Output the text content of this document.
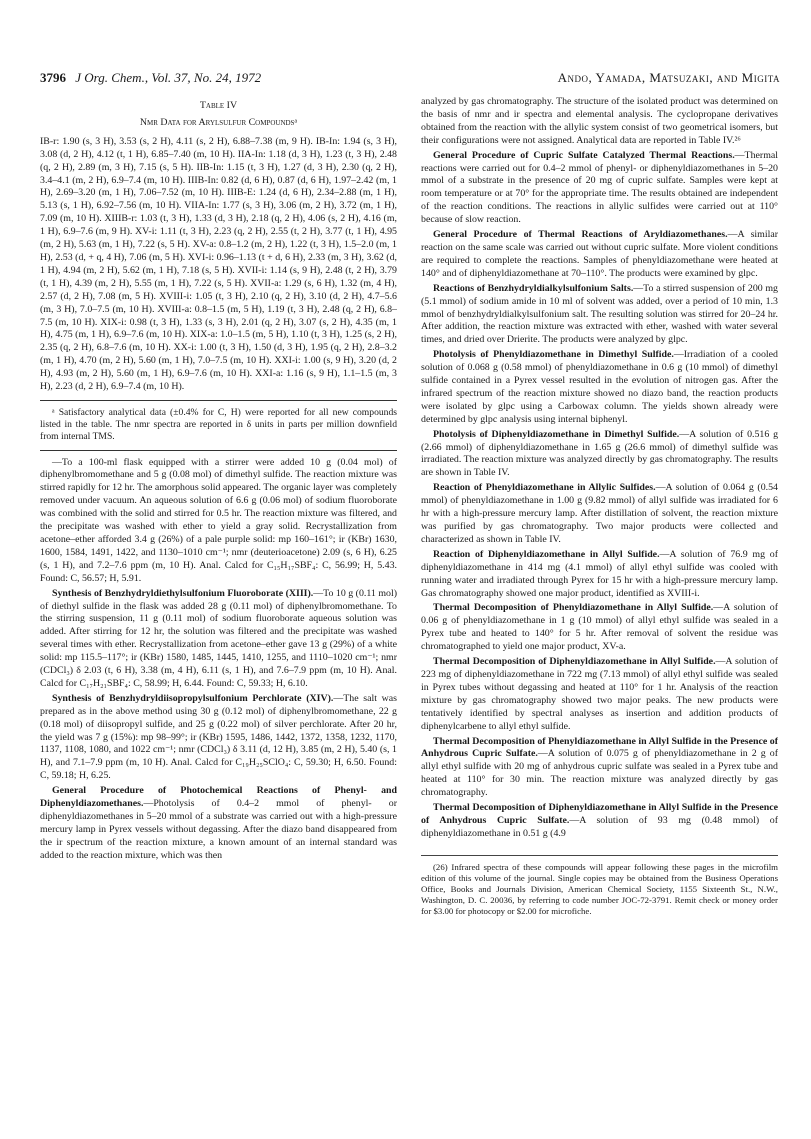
3796 J Org. Chem., Vol. 37, No. 24, 1972	Ando, Yamada, Matsuzaki, and Migita
Table IV
Nmr Data for Arylsulfur Compoundsᵃ

IB-r: 1.90 (s, 3 H), 3.53 (s, 2 H), 4.11 (s, 2 H), 6.88–7.38 (m, 9 H). IB-In: 1.94 (s, 3 H), 3.08 (d, 2 H), 4.12 (t, 1 H), 6.85–7.40 (m, 10 H). IIA-In: 1.18 (d, 3 H), 1.23 (t, 3 H), 2.48 (q, 2 H), 2.89 (m, 3 H), 7.15 (s, 5 H). IIB-In: 1.15 (t, 3 H), 1.27 (d, 3 H), 2.30 (q, 2 H), 3.4–4.1 (m, 2 H), 6.9–7.4 (m, 10 H). IIIB-In: 0.82 (d, 6 H), 0.87 (d, 6 H), 1.97–2.42 (m, 1 H), 2.69–3.20 (m, 1 H), 7.06–7.52 (m, 10 H). IIIB-E: 1.24 (d, 6 H), 2.34–2.88 (m, 1 H), 5.13 (s, 1 H), 6.92–7.56 (m, 10 H). VIIA-In: 1.77 (s, 3 H), 3.06 (m, 2 H), 3.72 (m, 1 H), 7.09 (m, 10 H). XIIIB-r: 1.03 (t, 3 H), 1.33 (d, 3 H), 2.18 (q, 2 H), 4.06 (s, 2 H), 4.16 (m, 1 H), 6.9–7.6 (m, 9 H). XV-i: 1.11 (t, 3 H), 2.23 (q, 2 H), 2.55 (t, 2 H), 3.77 (t, 1 H), 4.95 (m, 2 H), 5.63 (m, 1 H), 7.22 (s, 5 H). XV-a: 0.8–1.2 (m, 2 H), 1.22 (t, 3 H), 1.5–2.0 (m, 1 H), 2.53 (d, + q, 4 H), 7.06 (m, 5 H). XVI-i: 0.96–1.13 (t + d, 6 H), 2.33 (m, 3 H), 3.62 (d, 1 H), 4.94 (m, 2 H), 5.62 (m, 1 H), 7.18 (s, 5 H). XVII-i: 1.14 (s, 9 H), 2.48 (t, 2 H), 3.79 (t, 1 H), 4.39 (m, 2 H), 5.55 (m, 1 H), 7.22 (s, 5 H). XVII-a: 1.29 (s, 6 H), 1.32 (m, 4 H), 2.57 (d, 2 H), 7.08 (m, 5 H). XVIII-i: 1.05 (t, 3 H), 2.10 (q, 2 H), 3.10 (d, 2 H), 4.7–5.6 (m, 3 H), 7.0–7.5 (m, 10 H). XVIII-a: 0.8–1.5 (m, 5 H), 1.19 (t, 3 H), 2.48 (q, 2 H), 6.8–7.5 (m, 10 H). XIX-i: 0.98 (t, 3 H), 1.33 (s, 3 H), 2.01 (q, 2 H), 3.07 (s, 2 H), 4.35 (m, 1 H), 4.75 (m, 1 H), 6.9–7.6 (m, 10 H). XIX-a: 1.0–1.5 (m, 5 H), 1.10 (t, 3 H), 1.25 (s, 2 H), 2.35 (q, 2 H), 6.8–7.6 (m, 10 H). XX-i: 1.00 (t, 3 H), 1.50 (d, 3 H), 1.95 (q, 2 H), 2.8–3.2 (m, 1 H), 4.70 (m, 2 H), 5.60 (m, 1 H), 7.0–7.5 (m, 10 H). XXI-i: 1.00 (s, 9 H), 3.20 (d, 2 H), 4.93 (m, 2 H), 5.60 (m, 1 H), 6.9–7.6 (m, 10 H). XXI-a: 1.16 (s, 9 H), 1.1–1.5 (m, 3 H), 2.23 (d, 2 H), 6.9–7.4 (m, 10 H).

ᵃ Satisfactory analytical data (±0.4% for C, H) were reported for all new compounds listed in the table. The nmr spectra are reported in δ units in parts per million downfield from internal TMS.

—To a 100-ml flask equipped with a stirrer were added 10 g (0.04 mol) of diphenylbromomethane and 5 g (0.08 mol) of dimethyl sulfide. The reaction mixture was stirred rapidly for 12 hr. The amorphous solid appeared. The organic layer was completely removed under vacuum. An aqueous solution of 6.6 g (0.06 mol) of sodium fluoroborate was combined with the solid and stirred for 0.5 hr. The reaction mixture was filtered, and the precipitate was washed with ether to yield a gray solid. Recrystallization from acetone–ether afforded 3.4 g (26%) of a pale purple solid: mp 160–161°; ir (KBr) 1630, 1600, 1584, 1491, 1422, and 1130–1010 cm⁻¹; nmr (deuterioacetone) 2.09 (s, 6 H), 6.25 (s, 1 H), and 7.2–7.6 ppm (m, 10 H). Anal. Calcd for C₁₅H₁₇SBF₄: C, 56.99; H, 5.43. Found: C, 56.57; H, 5.91.

Synthesis of Benzhydryldiethylsulfonium Fluoroborate (XIII).—To 10 g (0.11 mol) of diethyl sulfide in the flask was added 28 g (0.11 mol) of diphenylbromomethane. To the stirring suspension, 11 g (0.11 mol) of sodium fluoroborate aqueous solution was added. After stirring for 12 hr, the solution was filtered and the precipitate was washed several times with ether. Recrystallization from acetone–ether gave 13 g (29%) of a white solid: mp 115.5–117°; ir (KBr) 1580, 1485, 1445, 1410, 1255, and 1110–1020 cm⁻¹; nmr (CDCl₃) δ 2.03 (t, 6 H), 3.38 (m, 4 H), 6.11 (s, 1 H), and 7.6–7.9 ppm (m, 10 H). Anal. Calcd for C₁₇H₂₁SBF₄: C, 58.99; H, 6.44. Found: C, 59.33; H, 6.10.

Synthesis of Benzhydryldiisopropylsulfonium Perchlorate (XIV).—The salt was prepared as in the above method using 30 g (0.12 mol) of diphenylbromomethane, 22 g (0.18 mol) of diisopropyl sulfide, and 25 g (0.22 mol) of silver perchlorate. After 20 hr, the yield was 7 g (15%): mp 98–99°; ir (KBr) 1595, 1486, 1442, 1372, 1358, 1232, 1170, 1137, 1108, 1080, and 1022 cm⁻¹; nmr (CDCl₃) δ 3.11 (d, 12 H), 3.85 (m, 2 H), 5.40 (s, 1 H), and 7.1–7.9 ppm (m, 10 H). Anal. Calcd for C₁₉H₂₅SClO₄: C, 59.30; H, 6.50. Found: C, 59.18; H, 6.25.

General Procedure of Photochemical Reactions of Phenyl- and Diphenyldiazomethanes.—Photolysis of 0.4–2 mmol of phenyl- or diphenyldiazomethanes in 5–20 mmol of a substrate was carried out with a high-pressure mercury lamp in Pyrex vessels without degassing. After the diazo band disappeared from the ir spectrum of the reaction mixture, a known amount of an internal standard was added to the reaction mixture, which was then

analyzed by gas chromatography. The structure of the isolated product was determined on the basis of nmr and ir spectra and elemental analysis. The cyclopropane derivatives obtained from the reaction with the allylic system consist of two geometrical isomers, but their configurations were not assigned. Analytical data are reported in Table IV.²⁶

General Procedure of Cupric Sulfate Catalyzed Thermal Reactions.—Thermal reactions were carried out for 0.4–2 mmol of phenyl- or diphenyldiazomethanes in 5–20 mmol of a substrate in the presence of 20 mg of cupric sulfate. Samples were kept at room temperature or at 70° for the appropriate time. The results obtained are independent of the reaction conditions. The reactions in allylic sulfides were carried out at 110° because of slow reaction.

General Procedure of Thermal Reactions of Aryldiazomethanes.—A similar reaction on the same scale was carried out without cupric sulfate. More violent conditions are required to complete the reactions. Samples of phenyldiazomethane were heated at 140° and of diphenyldiazomethane at 70–110°. The products were examined by glpc.

Reactions of Benzhydryldialkylsulfonium Salts.—To a stirred suspension of 200 mg (5.1 mmol) of sodium amide in 10 ml of solvent was added, over a period of 10 min, 1.3 mmol of benzhydryldialkylsulfonium salt. The resulting solution was stirred for 20–24 hr. After addition, the reaction mixture was extracted with ether, washed with water several times, and dried over Drierite. The products were analyzed by glpc.

Photolysis of Phenyldiazomethane in Dimethyl Sulfide.—Irradiation of a cooled solution of 0.068 g (0.58 mmol) of phenyldiazomethane in 0.6 g (10 mmol) of dimethyl sulfide contained in a Pyrex vessel resulted in the evolution of nitrogen gas. After the infrared spectrum of the reaction mixture showed no diazo band, the reaction products were isolated by glpc using a Carbowax column. The yields shown already were determined by glpc analysis using internal biphenyl.

Photolysis of Diphenyldiazomethane in Dimethyl Sulfide.—A solution of 0.516 g (2.66 mmol) of diphenyldiazomethane in 1.65 g (26.6 mmol) of dimethyl sulfide was irradiated. The reaction mixture was analyzed directly by gas chromatography. The results are shown in Table IV.

Reaction of Phenyldiazomethane in Allylic Sulfides.—A solution of 0.064 g (0.54 mmol) of phenyldiazomethane in 1.00 g (9.82 mmol) of allyl sulfide was irradiated for 6 hr with a high-pressure mercury lamp. After distillation of solvent, the reaction mixture was purified by gas chromatography. Two major products were collected and characterized as shown in Table IV.

Reaction of Diphenyldiazomethane in Allyl Sulfide.—A solution of 76.9 mg of diphenyldiazomethane in 414 mg (4.1 mmol) of allyl ethyl sulfide was cooled with running water and irradiated through Pyrex for 15 hr with a high-pressure mercury lamp. Gas chromatography showed one major product, identified as XVIII-i.

Thermal Decomposition of Phenyldiazomethane in Allyl Sulfide.—A solution of 0.06 g of phenyldiazomethane in 1 g (10 mmol) of allyl ethyl sulfide was sealed in a Pyrex tube and heated to 140° for 5 hr. After removal of solvent the residue was chromatographed to yield one major product, XV-a.

Thermal Decomposition of Diphenyldiazomethane in Allyl Sulfide.—A solution of 223 mg of diphenyldiazomethane in 722 mg (7.13 mmol) of allyl ethyl sulfide was sealed in Pyrex tubes without degassing and heated at 110° for 1 hr. Analysis of the reaction mixture by gas chromatography showed two major peaks. The new products were tentatively identified by spectral analyses as insertion and addition products of diphenylcarbene to allyl ethyl sulfide.

Thermal Decomposition of Phenyldiazomethane in Allyl Sulfide in the Presence of Anhydrous Cupric Sulfate.—A solution of 0.075 g of phenyldiazomethane in 2 g of allyl ethyl sulfide with 20 mg of anhydrous cupric sulfate was sealed in a Pyrex tube and heated at 110° for 30 min. The reaction mixture was analyzed directly by gas chromatography.

Thermal Decomposition of Diphenyldiazomethane in Allyl Sulfide in the Presence of Anhydrous Cupric Sulfate.—A solution of 93 mg (0.48 mmol) of diphenyldiazomethane in 0.51 g (4.9

(26) Infrared spectra of these compounds will appear following these pages in the microfilm edition of this volume of the journal. Single copies may be obtained from the Business Operations Office, Books and Journals Division, American Chemical Society, 1155 Sixteenth St., N.W., Washington, D. C. 20036, by referring to code number JOC-72-3791. Remit check or money order for $3.00 for photocopy or $2.00 for microfiche.
